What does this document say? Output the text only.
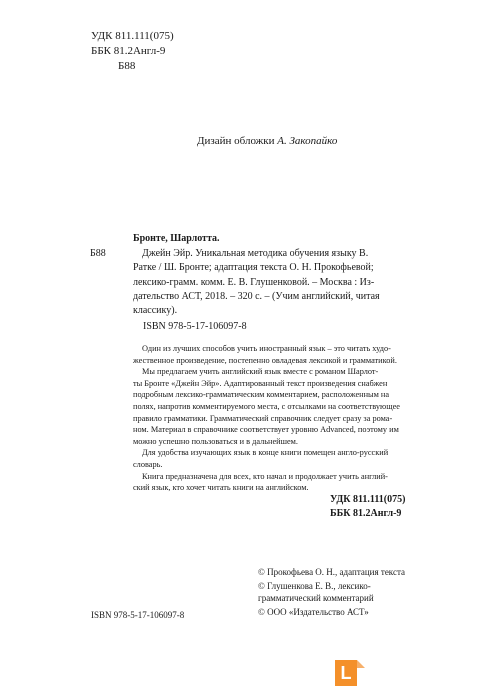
УДК 811.111(075)
ББК 81.2Англ-9
Б88
Дизайн обложки А. Закопайко
Бронте, Шарлотта.
Б88	Джейн Эйр. Уникальная методика обучения языку В.
Ратке / Ш. Бронте; адаптация текста О. Н. Прокофьевой;
лексико-грамм. комм. Е. В. Глушенковой. – Москва : Из-
дательство АСТ, 2018. – 320 с. – (Учим английский, читая
классику).
ISBN 978-5-17-106097-8
Один из лучших способов учить иностранный язык – это читать худо-
жественное произведение, постепенно овладевая лексикой и грамматикой.
Мы предлагаем учить английский язык вместе с романом Шарлот-
ты Бронте «Джейн Эйр». Адаптированный текст произведения снабжен
подробным лексико-грамматическим комментарием, расположенным на
полях, напротив комментируемого места, с отсылками на соответствующее
правило грамматики. Грамматический справочник следует сразу за рома-
ном. Материал в справочнике соответствует уровню Advanced, поэтому им
можно успешно пользоваться и в дальнейшем.
Для удобства изучающих язык в конце книги помещен англо-русский
словарь.
Книга предназначена для всех, кто начал и продолжает учить англий-
ский язык, кто хочет читать книги на английском.
УДК 811.111(075)
ББК 81.2Англ-9
© Прокофьева О. Н., адаптация текста
© Глушенкова Е. В., лексико-
грамматический комментарий
© ООО «Издательство АСТ»
ISBN 978-5-17-106097-8
L
